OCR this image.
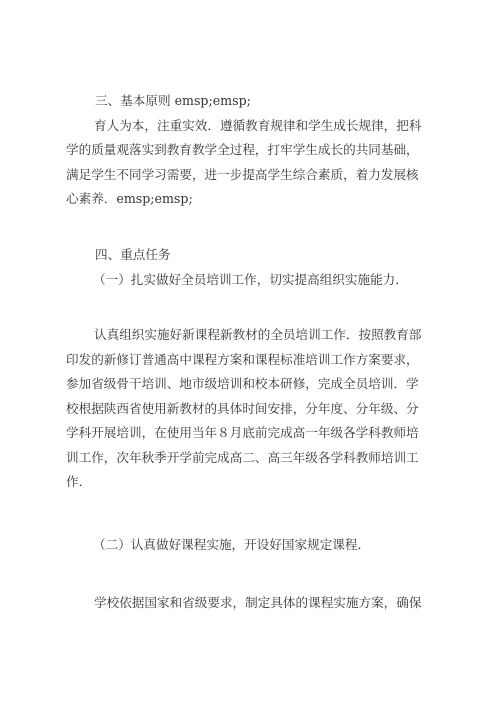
三、基本原则 emsp;emsp;
育人为本，注重实效．遵循教育规律和学生成长规律，把科
学的质量观落实到教育教学全过程，打牢学生成长的共同基础，
满足学生不同学习需要，进一步提高学生综合素质，着力发展核
心素养．emsp;emsp;
四、重点任务
（一）扎实做好全员培训工作，切实提高组织实施能力．
认真组织实施好新课程新教材的全员培训工作．按照教育部
印发的新修订普通高中课程方案和课程标准培训工作方案要求，
参加省级骨干培训、地市级培训和校本研修，完成全员培训．学
校根据陕西省使用新教材的具体时间安排，分年度、分年级、分
学科开展培训，在使用当年８月底前完成高一年级各学科教师培
训工作，次年秋季开学前完成高二、高三年级各学科教师培训工
作．
（二）认真做好课程实施，开设好国家规定课程．
学校依据国家和省级要求，制定具体的课程实施方案，确保
